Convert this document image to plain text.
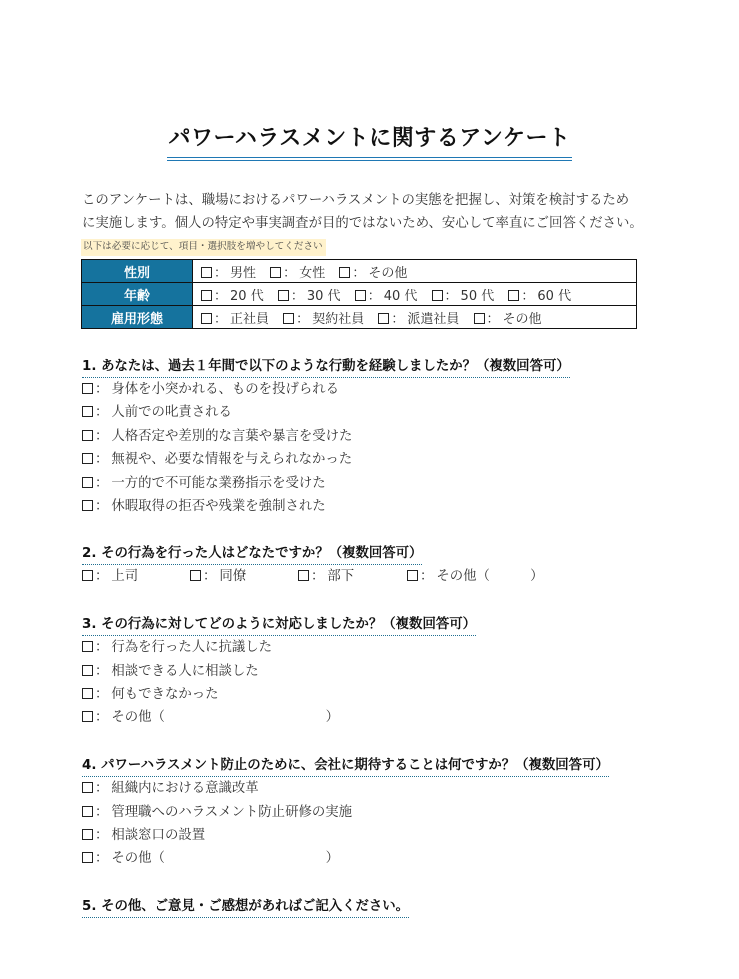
パワーハラスメントに関するアンケート
このアンケートは、職場におけるパワーハラスメントの実態を把握し、対策を検討するため
に実施します。個人の特定や事実調査が目的ではないため、安心して率直にご回答ください。
以下は必要に応じて、項目・選択肢を増やしてください
性別	： 男性 ： 女性 ： その他
年齢	： 20 代 ： 30 代 ： 40 代 ： 50 代 ： 60 代
雇用形態	： 正社員 ： 契約社員 ： 派遣社員 ： その他
1. あなたは、過去１年間で以下のような行動を経験しましたか？（複数回答可）
： 身体を小突かれる、ものを投げられる
： 人前での叱責される
： 人格否定や差別的な言葉や暴言を受けた
： 無視や、必要な情報を与えられなかった
： 一方的で不可能な業務指示を受けた
： 休暇取得の拒否や残業を強制された
2. その行為を行った人はどなたですか？（複数回答可）
： 上司	： 同僚	： 部下	： その他（　　　）
3. その行為に対してどのように対応しましたか？（複数回答可）
： 行為を行った人に抗議した
： 相談できる人に相談した
： 何もできなかった
： その他（　　　　　　　　　　　　）
4. パワーハラスメント防止のために、会社に期待することは何ですか？（複数回答可）
： 組織内における意識改革
： 管理職へのハラスメント防止研修の実施
： 相談窓口の設置
： その他（　　　　　　　　　　　　）
5. その他、ご意見・ご感想があればご記入ください。
